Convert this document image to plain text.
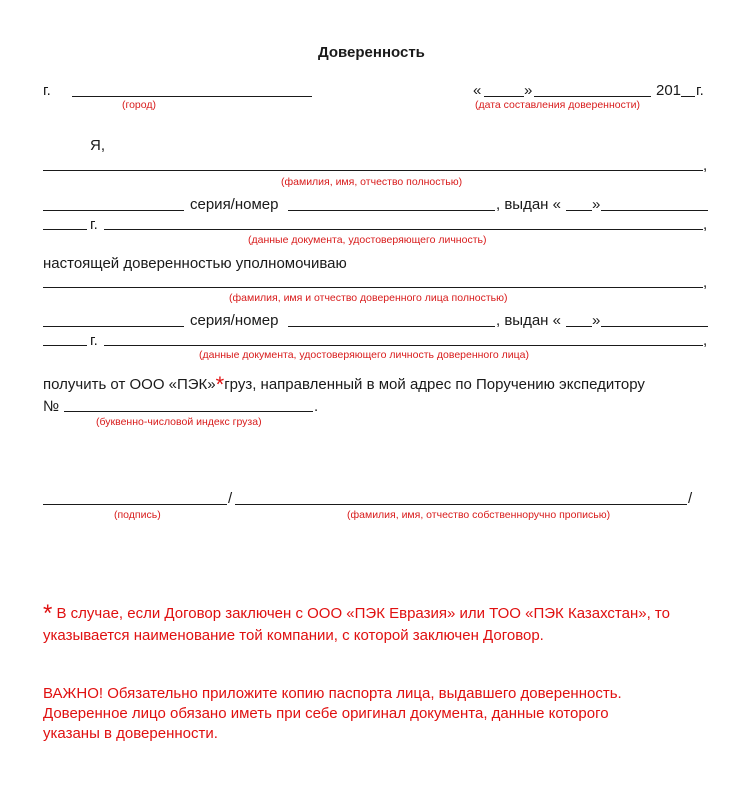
Доверенность
г.
(город)
«	»	201 г.
(дата составления доверенности)
Я,
,
(фамилия, имя, отчество полностью)
серия/номер	, выдан « »
г.	,
(данные документа, удостоверяющего личность)
настоящей доверенностью уполномочиваю
,
(фамилия, имя и отчество доверенного лица полностью)
серия/номер	, выдан « »
г.	,
(данные документа, удостоверяющего личность доверенного лица)
получить от ООО «ПЭК»*груз, направленный в мой адрес по Поручению экспедитору
№	.
(буквенно-числовой индекс груза)
/	/
(подпись)	(фамилия, имя, отчество собственноручно прописью)
* В случае, если Договор заключен с ООО «ПЭК Евразия» или ТОО «ПЭК Казахстан», то
указывается наименование той компании, с которой заключен Договор.
ВАЖНО! Обязательно приложите копию паспорта лица, выдавшего доверенность.
Доверенное лицо обязано иметь при себе оригинал документа, данные которого
указаны в доверенности.
